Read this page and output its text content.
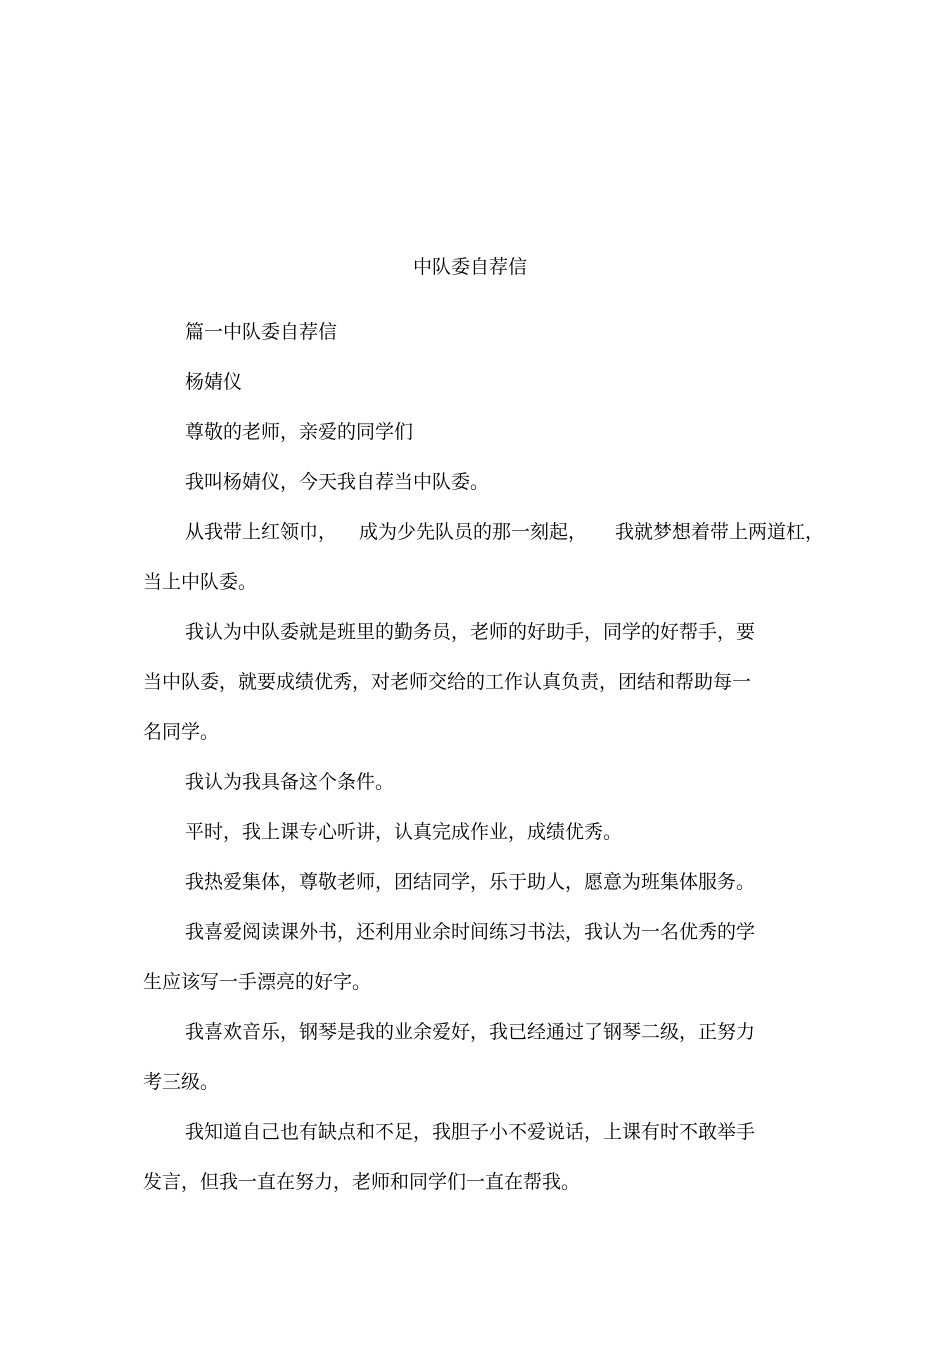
中队委自荐信
篇一中队委自荐信
杨婧仪
尊敬的老师，亲爱的同学们
我叫杨婧仪，今天我自荐当中队委。
从我带上红领巾， 成为少先队员的那一刻起， 我就梦想着带上两道杠，
当上中队委。
我认为中队委就是班里的勤务员，老师的好助手，同学的好帮手，要
当中队委，就要成绩优秀，对老师交给的工作认真负责，团结和帮助每一
名同学。
我认为我具备这个条件。
平时，我上课专心听讲，认真完成作业，成绩优秀。
我热爱集体，尊敬老师，团结同学，乐于助人，愿意为班集体服务。
我喜爱阅读课外书，还利用业余时间练习书法，我认为一名优秀的学
生应该写一手漂亮的好字。
我喜欢音乐，钢琴是我的业余爱好，我已经通过了钢琴二级，正努力
考三级。
我知道自己也有缺点和不足，我胆子小不爱说话，上课有时不敢举手
发言，但我一直在努力，老师和同学们一直在帮我。
